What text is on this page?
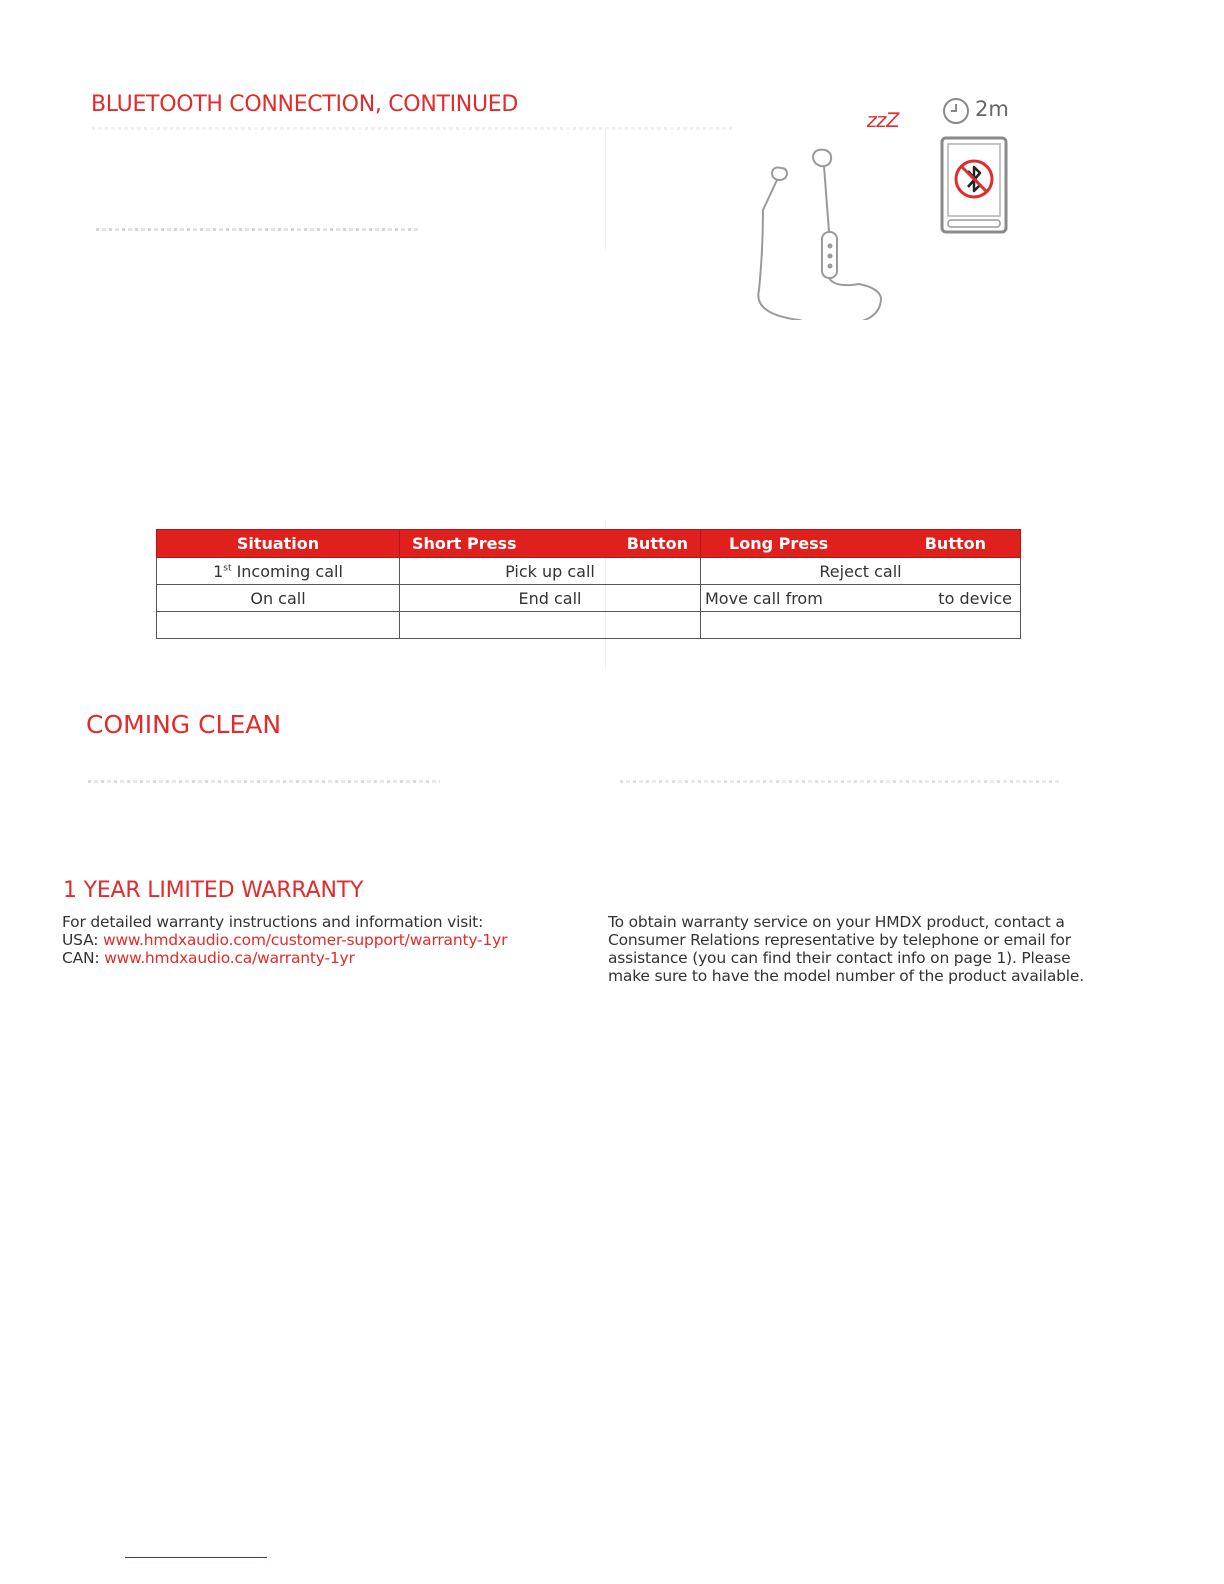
BLUETOOTH CONNECTION, CONTINUED
zzZ	2m
Situation	Short Press Button	Long Press Button

1st Incoming call	Pick up call	Reject call
On call	End call	Move call from to device

COMING CLEAN
1 YEAR LIMITED WARRANTY
For detailed warranty instructions and information visit:
USA: www.hmdxaudio.com/customer-support/warranty-1yr
CAN: www.hmdxaudio.ca/warranty-1yr
To obtain warranty service on your HMDX product, contact a
Consumer Relations representative by telephone or email for
assistance (you can find their contact info on page 1). Please
make sure to have the model number of the product available.
